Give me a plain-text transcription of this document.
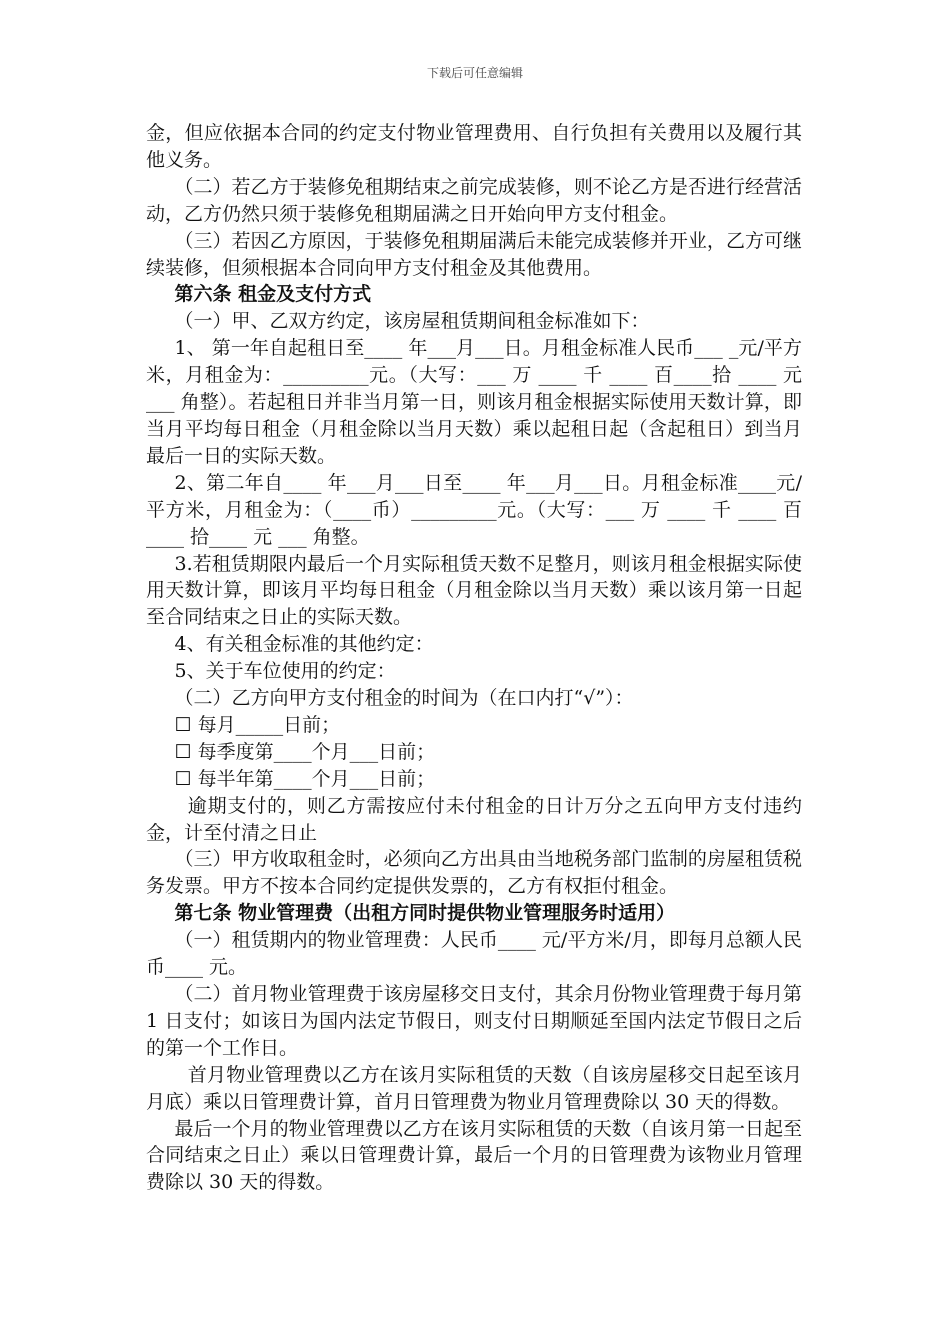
下载后可任意编辑

金，但应依据本合同的约定支付物业管理费用、自行负担有关费用以及履行其他义务。

（二）若乙方于装修免租期结束之前完成装修，则不论乙方是否进行经营活动，乙方仍然只须于装修免租期届满之日开始向甲方支付租金。

（三）若因乙方原因，于装修免租期届满后未能完成装修并开业，乙方可继续装修，但须根据本合同向甲方支付租金及其他费用。

第六条 租金及支付方式

（一）甲、乙双方约定，该房屋租赁期间租金标准如下：

1、 第一年自起租日至____ 年___月___日。月租金标准人民币___ _元/平方米，月租金为：_________元。（大写：___ 万 ____ 千 ____ 百____拾 ____ 元___ 角整）。若起租日并非当月第一日，则该月租金根据实际使用天数计算，即当月平均每日租金（月租金除以当月天数）乘以起租日起（含起租日）到当月最后一日的实际天数。

2、第二年自____ 年___月___日至____ 年___月___日。月租金标准____元/平方米，月租金为：（____币）_________元。（大写：___ 万 ____ 千 ____ 百 ____ 拾____ 元 ___ 角整。

3.若租赁期限内最后一个月实际租赁天数不足整月，则该月租金根据实际使用天数计算，即该月平均每日租金（月租金除以当月天数）乘以该月第一日起至合同结束之日止的实际天数。

4、有关租金标准的其他约定：

5、关于车位使用的约定：

（二）乙方向甲方支付租金的时间为（在口内打“√”）：

☐ 每月_____日前；

☐ 每季度第____个月___日前；

☐ 每半年第____个月___日前；

逾期支付的，则乙方需按应付未付租金的日计万分之五向甲方支付违约金，计至付清之日止

（三）甲方收取租金时，必须向乙方出具由当地税务部门监制的房屋租赁税务发票。甲方不按本合同约定提供发票的，乙方有权拒付租金。

第七条 物业管理费（出租方同时提供物业管理服务时适用）

（一）租赁期内的物业管理费：人民币____ 元/平方米/月，即每月总额人民币____ 元。

（二）首月物业管理费于该房屋移交日支付，其余月份物业管理费于每月第 1 日支付；如该日为国内法定节假日，则支付日期顺延至国内法定节假日之后的第一个工作日。

首月物业管理费以乙方在该月实际租赁的天数（自该房屋移交日起至该月月底）乘以日管理费计算，首月日管理费为物业月管理费除以 30 天的得数。

最后一个月的物业管理费以乙方在该月实际租赁的天数（自该月第一日起至合同结束之日止）乘以日管理费计算，最后一个月的日管理费为该物业月管理费除以 30 天的得数。
